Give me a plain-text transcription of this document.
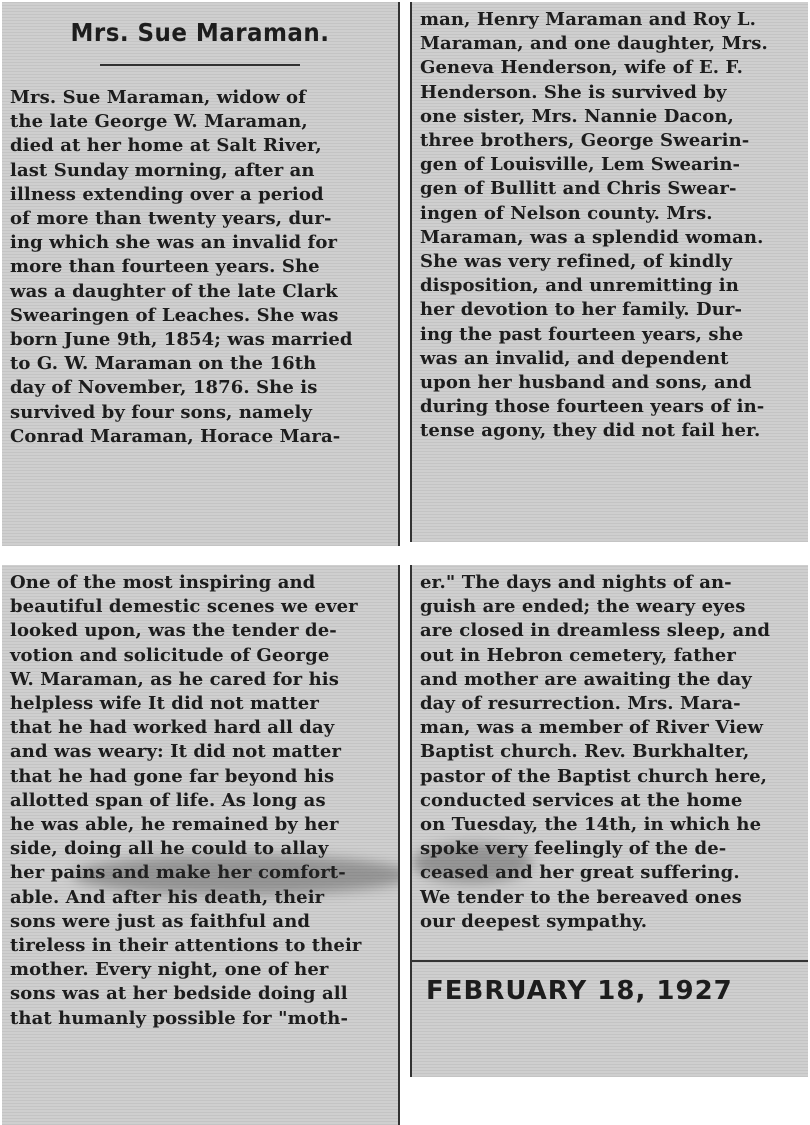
Mrs. Sue Maraman.
Mrs. Sue Maraman, widow of
the late George W. Maraman,
died at her home at Salt River,
last Sunday morning, after an
illness extending over a period
of more than twenty years, dur-
ing which she was an invalid for
more than fourteen years. She
was a daughter of the late Clark
Swearingen of Leaches. She was
born June 9th, 1854; was married
to G. W. Maraman on the 16th
day of November, 1876. She is
survived by four sons, namely
Conrad Maraman, Horace Mara-
man, Henry Maraman and Roy L.
Maraman, and one daughter, Mrs.
Geneva Henderson, wife of E. F.
Henderson. She is survived by
one sister, Mrs. Nannie Dacon,
three brothers, George Swearin-
gen of Louisville, Lem Swearin-
gen of Bullitt and Chris Swear-
ingen of Nelson county. Mrs.
Maraman, was a splendid woman.
She was very refined, of kindly
disposition, and unremitting in
her devotion to her family. Dur-
ing the past fourteen years, she
was an invalid, and dependent
upon her husband and sons, and
during those fourteen years of in-
tense agony, they did not fail her.
One of the most inspiring and
beautiful demestic scenes we ever
looked upon, was the tender de-
votion and solicitude of George
W. Maraman, as he cared for his
helpless wife It did not matter
that he had worked hard all day
and was weary: It did not matter
that he had gone far beyond his
allotted span of life. As long as
he was able, he remained by her
side, doing all he could to allay
her pains and make her comfort-
able. And after his death, their
sons were just as faithful and
tireless in their attentions to their
mother. Every night, one of her
sons was at her bedside doing all
that humanly possible for "moth-
er." The days and nights of an-
guish are ended; the weary eyes
are closed in dreamless sleep, and
out in Hebron cemetery, father
and mother are awaiting the day
day of resurrection. Mrs. Mara-
man, was a member of River View
Baptist church. Rev. Burkhalter,
pastor of the Baptist church here,
conducted services at the home
on Tuesday, the 14th, in which he
spoke very feelingly of the de-
ceased and her great suffering.
We tender to the bereaved ones
our deepest sympathy.
FEBRUARY 18, 1927
